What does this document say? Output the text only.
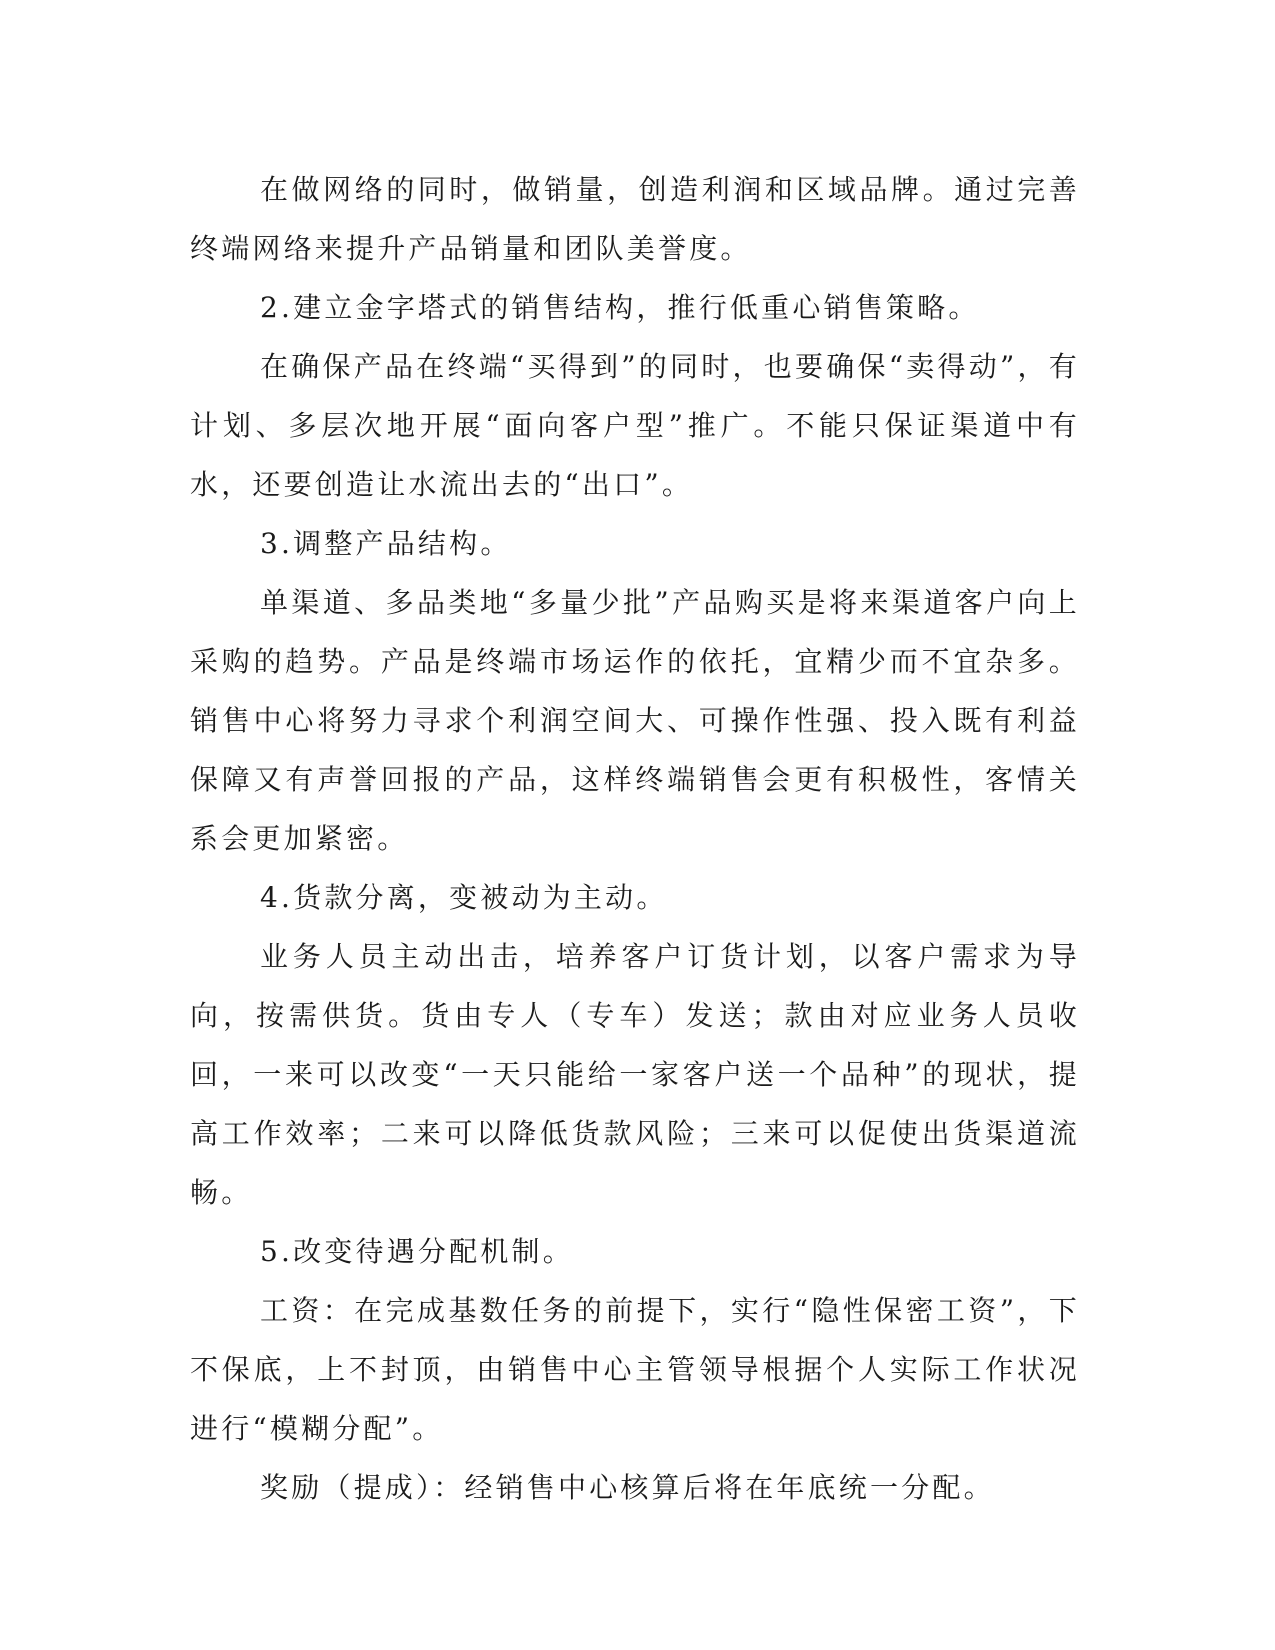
在做网络的同时，做销量，创造利润和区域品牌。通过完善终端网络来提升产品销量和团队美誉度。

2.建立金字塔式的销售结构，推行低重心销售策略。

在确保产品在终端“买得到”的同时，也要确保“卖得动”，有计划、多层次地开展“面向客户型”推广。不能只保证渠道中有水，还要创造让水流出去的“出口”。

3.调整产品结构。

单渠道、多品类地“多量少批”产品购买是将来渠道客户向上采购的趋势。产品是终端市场运作的依托，宜精少而不宜杂多。销售中心将努力寻求个利润空间大、可操作性强、投入既有利益保障又有声誉回报的产品，这样终端销售会更有积极性，客情关系会更加紧密。

4.货款分离，变被动为主动。

业务人员主动出击，培养客户订货计划，以客户需求为导向，按需供货。货由专人（专车）发送；款由对应业务人员收回，一来可以改变“一天只能给一家客户送一个品种”的现状，提高工作效率；二来可以降低货款风险；三来可以促使出货渠道流畅。

5.改变待遇分配机制。

工资：在完成基数任务的前提下，实行“隐性保密工资”，下不保底，上不封顶，由销售中心主管领导根据个人实际工作状况进行“模糊分配”。

奖励（提成）：经销售中心核算后将在年底统一分配。
